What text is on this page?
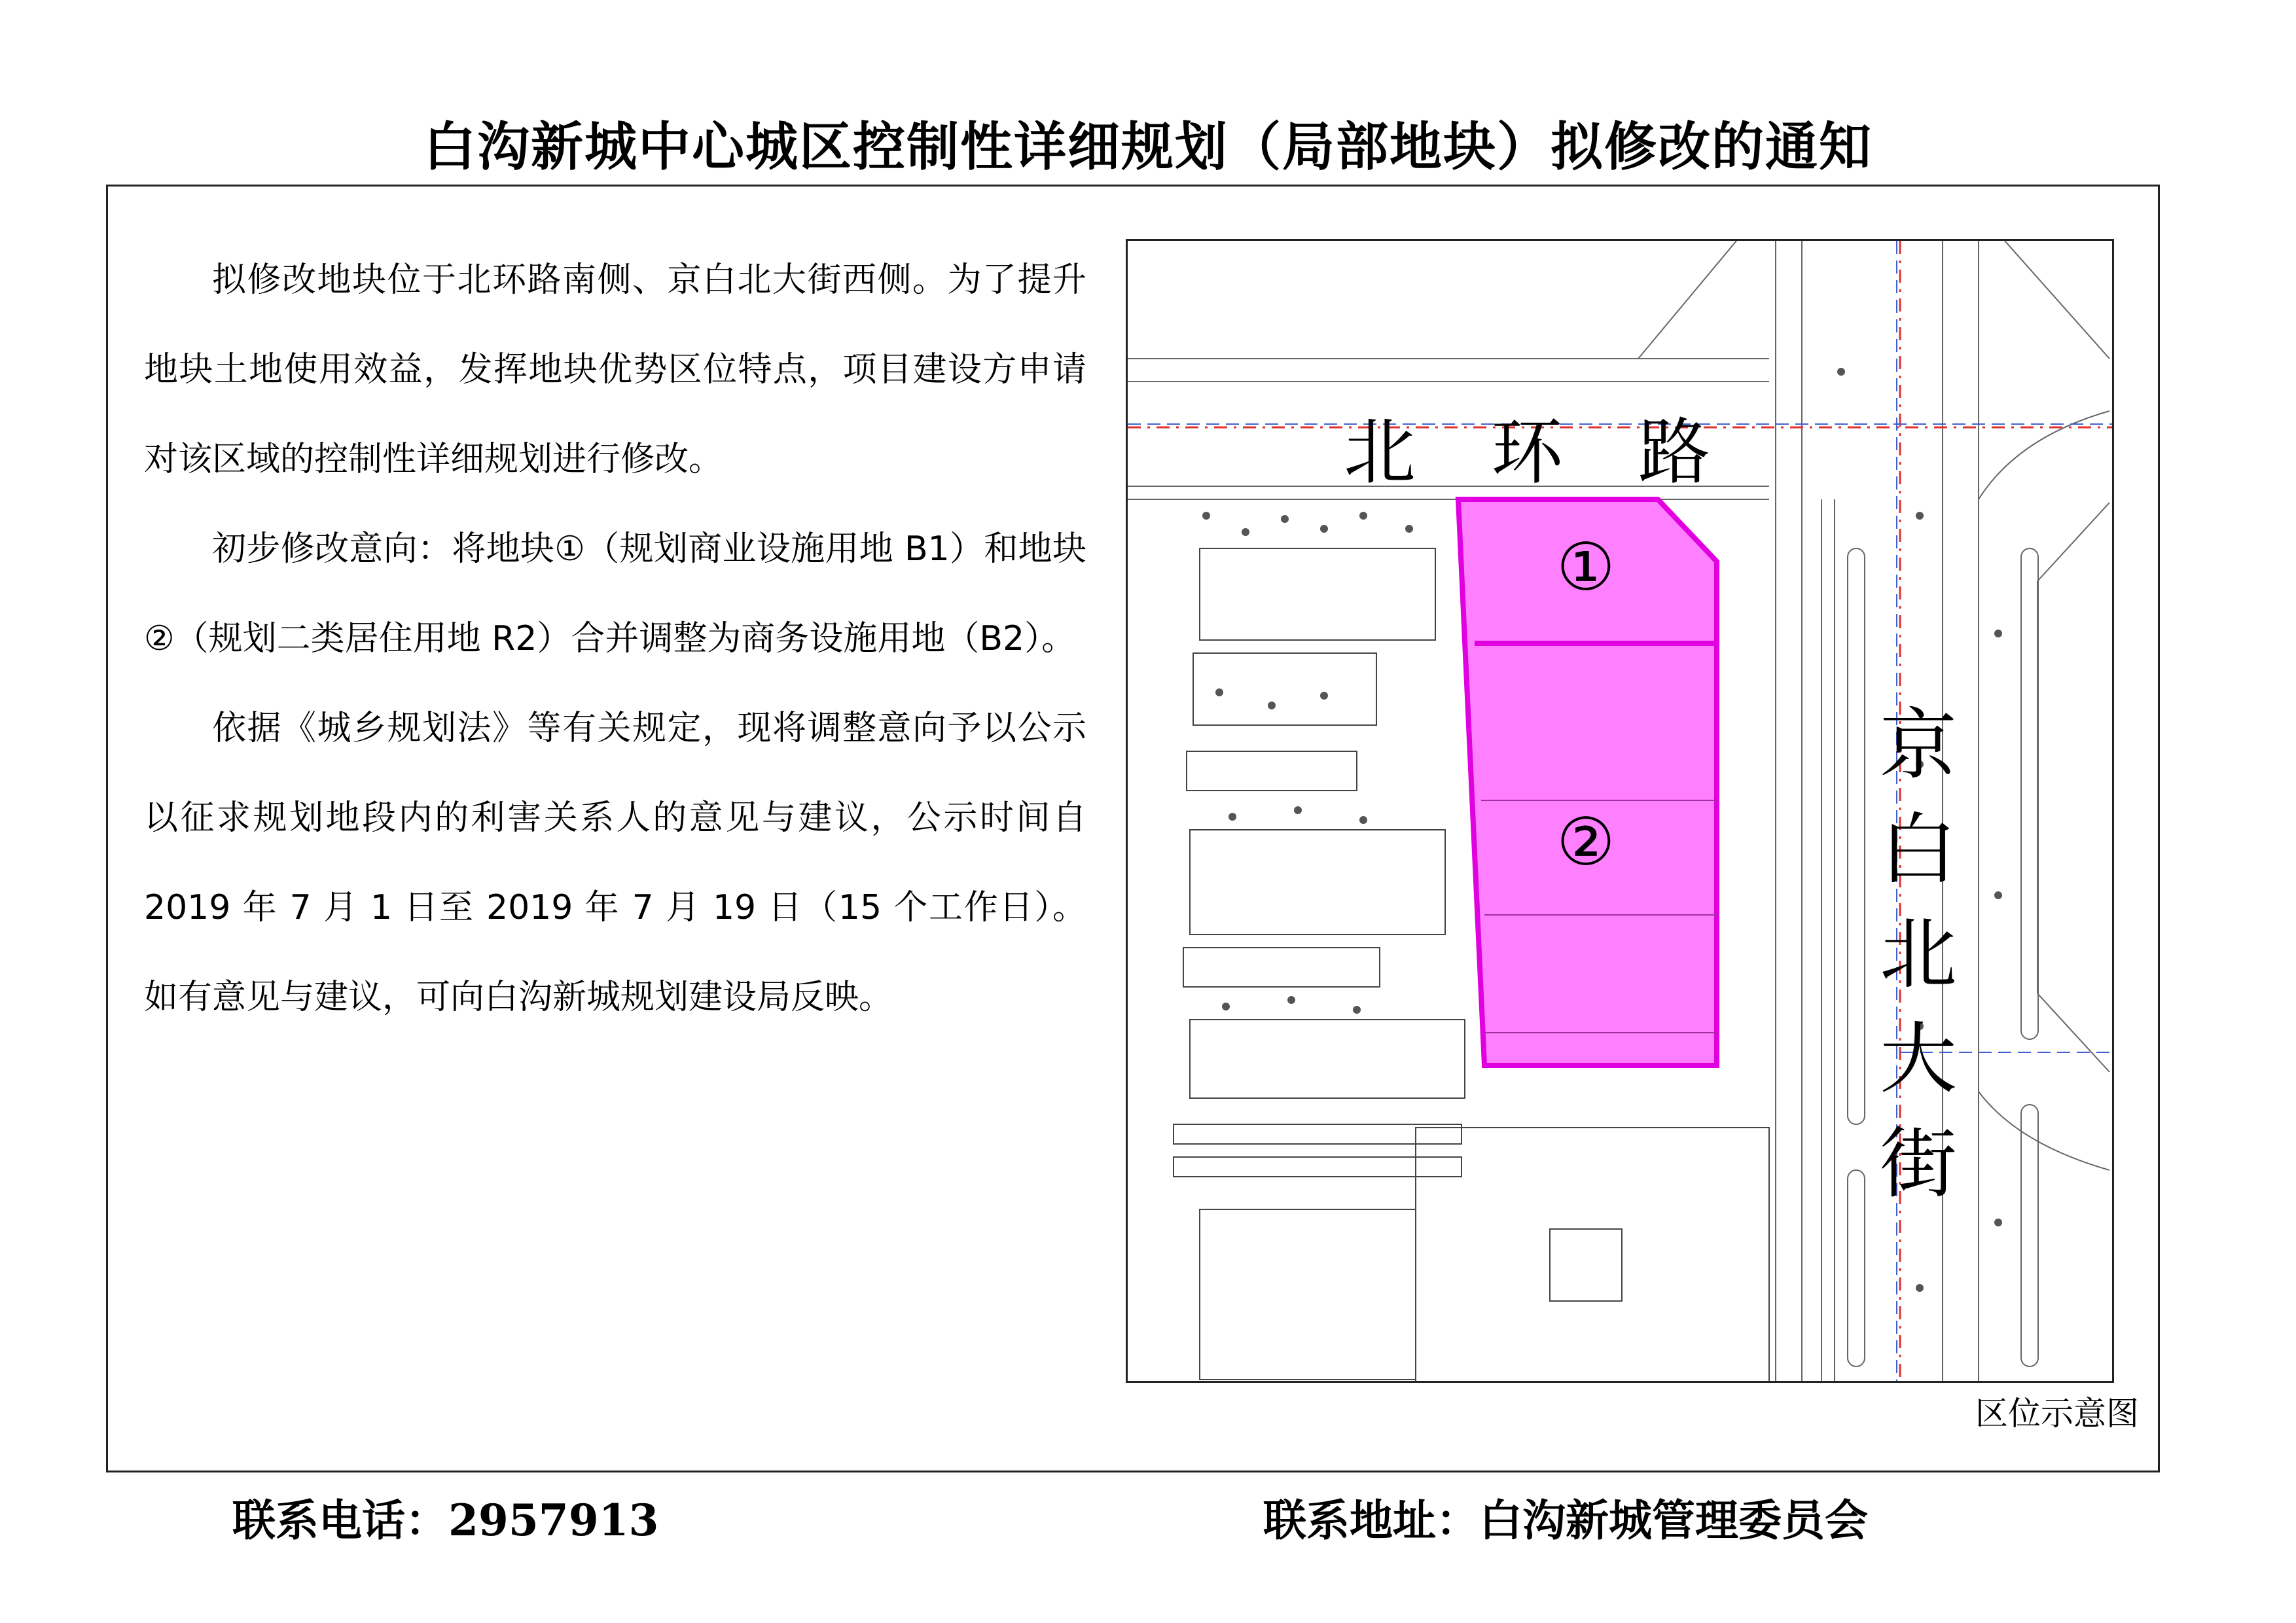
白沟新城中心城区控制性详细规划（局部地块）拟修改的通知

拟修改地块位于北环路南侧、京白北大街西侧。为了提升地块土地使用效益，发挥地块优势区位特点，项目建设方申请对该区域的控制性详细规划进行修改。

初步修改意向：将地块①（规划商业设施用地 B1）和地块②（规划二类居住用地 R2）合并调整为商务设施用地（B2）。

依据《城乡规划法》等有关规定，现将调整意向予以公示以征求规划地段内的利害关系人的意见与建议，公示时间自 2019 年 7 月 1 日至 2019 年 7 月 19 日（15 个工作日）。如有意见与建议，可向白沟新城规划建设局反映。

北 环 路
京
白
北
大
街
①
②
区位示意图
联系电话：2957913	联系地址：白沟新城管理委员会
